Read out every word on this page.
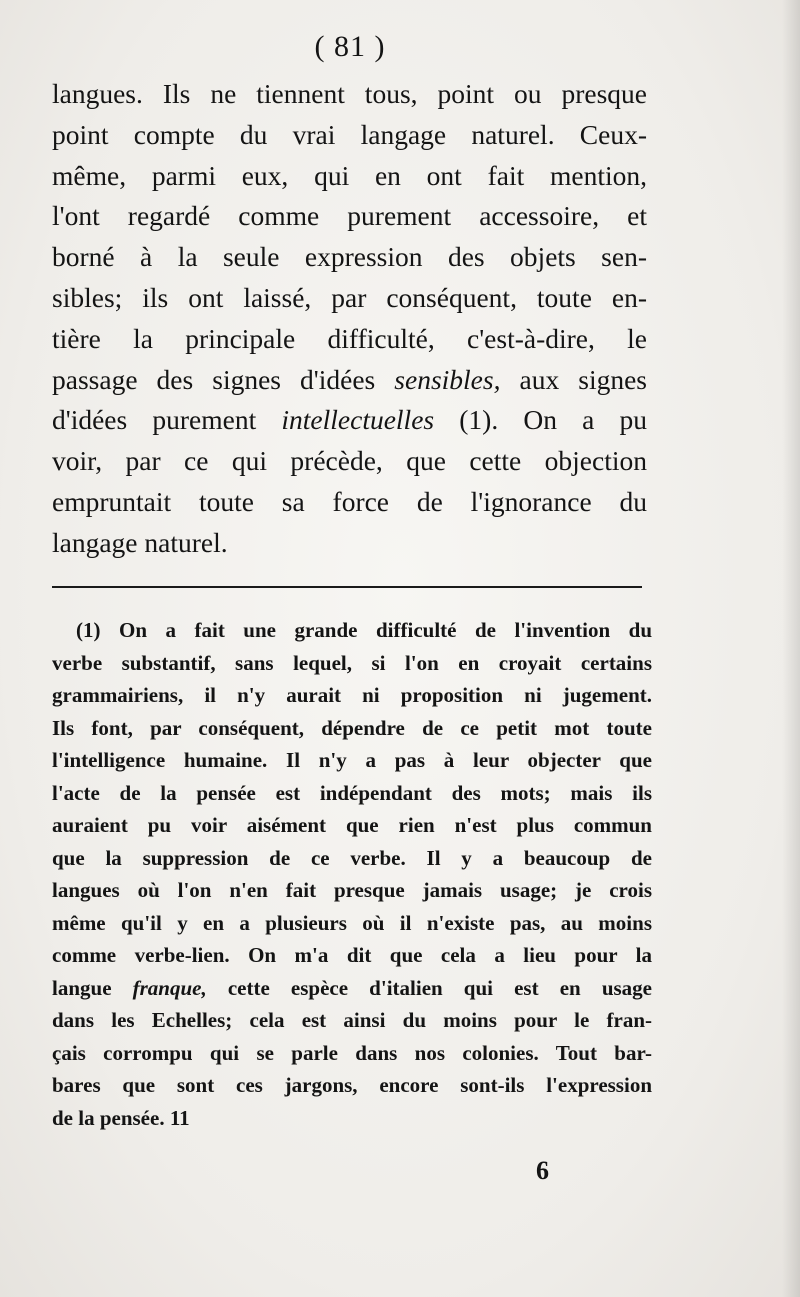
( 81 )
langues. Ils ne tiennent tous, point ou presque
point compte du vrai langage naturel. Ceux-
même, parmi eux, qui en ont fait mention,
l'ont regardé comme purement accessoire, et
borné à la seule expression des objets sen-
sibles; ils ont laissé, par conséquent, toute en-
tière la principale difficulté, c'est-à-dire, le
passage des signes d'idées sensibles, aux signes
d'idées purement intellectuelles (1). On a pu
voir, par ce qui précède, que cette objection
empruntait toute sa force de l'ignorance du
langage naturel.
(1) On a fait une grande difficulté de l'invention du
verbe substantif, sans lequel, si l'on en croyait certains
grammairiens, il n'y aurait ni proposition ni jugement.
Ils font, par conséquent, dépendre de ce petit mot toute
l'intelligence humaine. Il n'y a pas à leur objecter que
l'acte de la pensée est indépendant des mots; mais ils
auraient pu voir aisément que rien n'est plus commun
que la suppression de ce verbe. Il y a beaucoup de
langues où l'on n'en fait presque jamais usage; je crois
même qu'il y en a plusieurs où il n'existe pas, au moins
comme verbe-lien. On m'a dit que cela a lieu pour la
langue franque, cette espèce d'italien qui est en usage
dans les Echelles; cela est ainsi du moins pour le fran-
çais corrompu qui se parle dans nos colonies. Tout bar-
bares que sont ces jargons, encore sont-ils l'expression
de la pensée. 11
6
